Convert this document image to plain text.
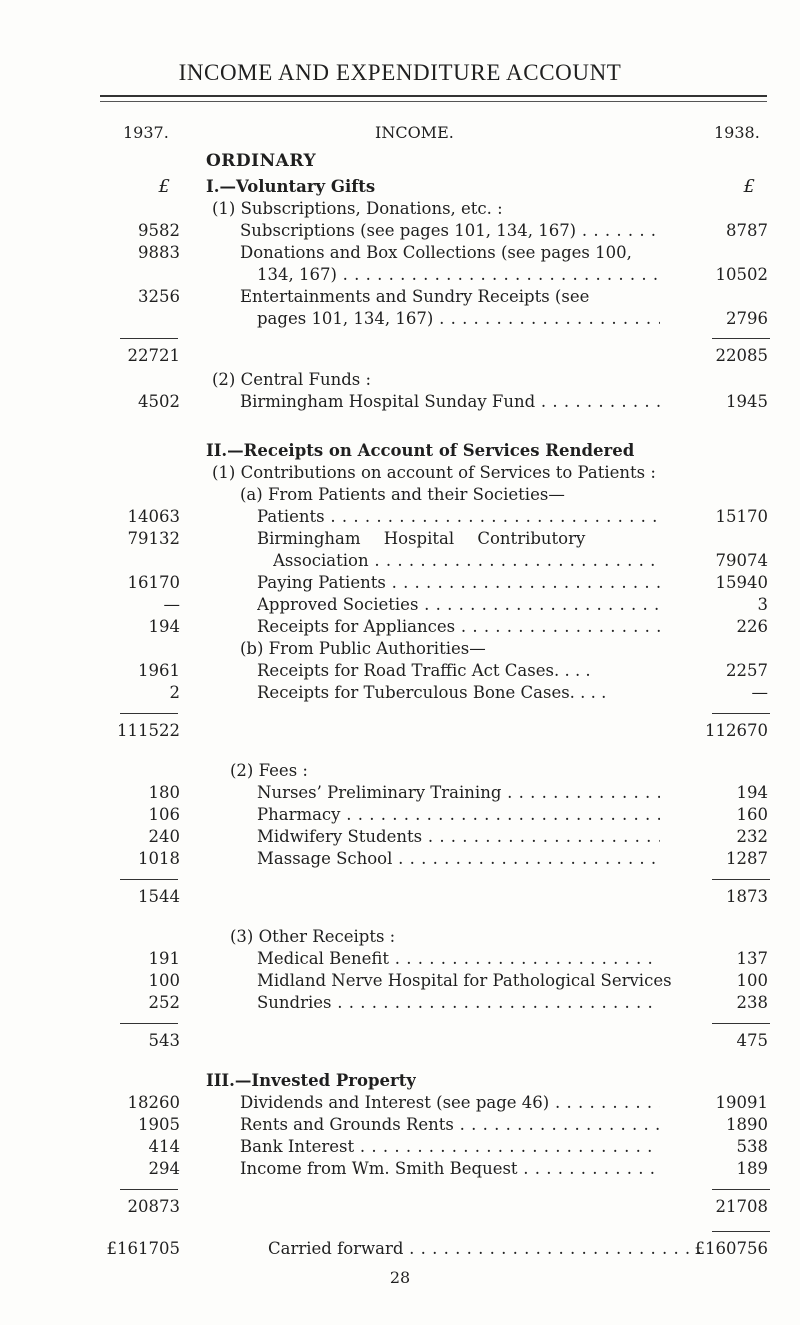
INCOME AND EXPENDITURE ACCOUNT
1937.	INCOME.	1938.
ORDINARY
£ I.—Voluntary Gifts	£
(1) Subscriptions, Donations, etc. :
9582	Subscriptions (see pages 101, 134, 167) . . .	8787
9883	Donations and Box Collections (see pages 100,
134, 167) . . .	10502
3256	Entertainments and Sundry Receipts (see
pages 101, 134, 167) . . .	2796
22721	22085
(2) Central Funds :
4502	Birmingham Hospital Sunday Fund . . .	1945
II.—Receipts on Account of Services Rendered
(1) Contributions on account of Services to Patients :
(a) From Patients and their Societies—
14063	Patients . . .	15170
79132	Birmingham Hospital Contributory
Association . . .	79074
16170	Paying Patients . . .	15940
—	Approved Societies . . .	3
194	Receipts for Appliances . . .	226
(b) From Public Authorities—
1961	Receipts for Road Traffic Act Cases. . . .	2257
2	Receipts for Tuberculous Bone Cases. . . .	—
111522	112670
(2) Fees :
180	Nurses’ Preliminary Training . . .	194
106	Pharmacy . . .	160
240	Midwifery Students . . .	232
1018	Massage School . . .	1287
1544	1873
(3) Other Receipts :
191	Medical Benefit . . .	137
100	Midland Nerve Hospital for Pathological Services	100
252	Sundries . . .	238
543	475
III.—Invested Property
18260	Dividends and Interest (see page 46) . . .	19091
1905	Rents and Grounds Rents . . .	1890
414	Bank Interest . . .	538
294	Income from Wm. Smith Bequest . . .	189
20873	21708
£161705	Carried forward . . .	£160756
28
